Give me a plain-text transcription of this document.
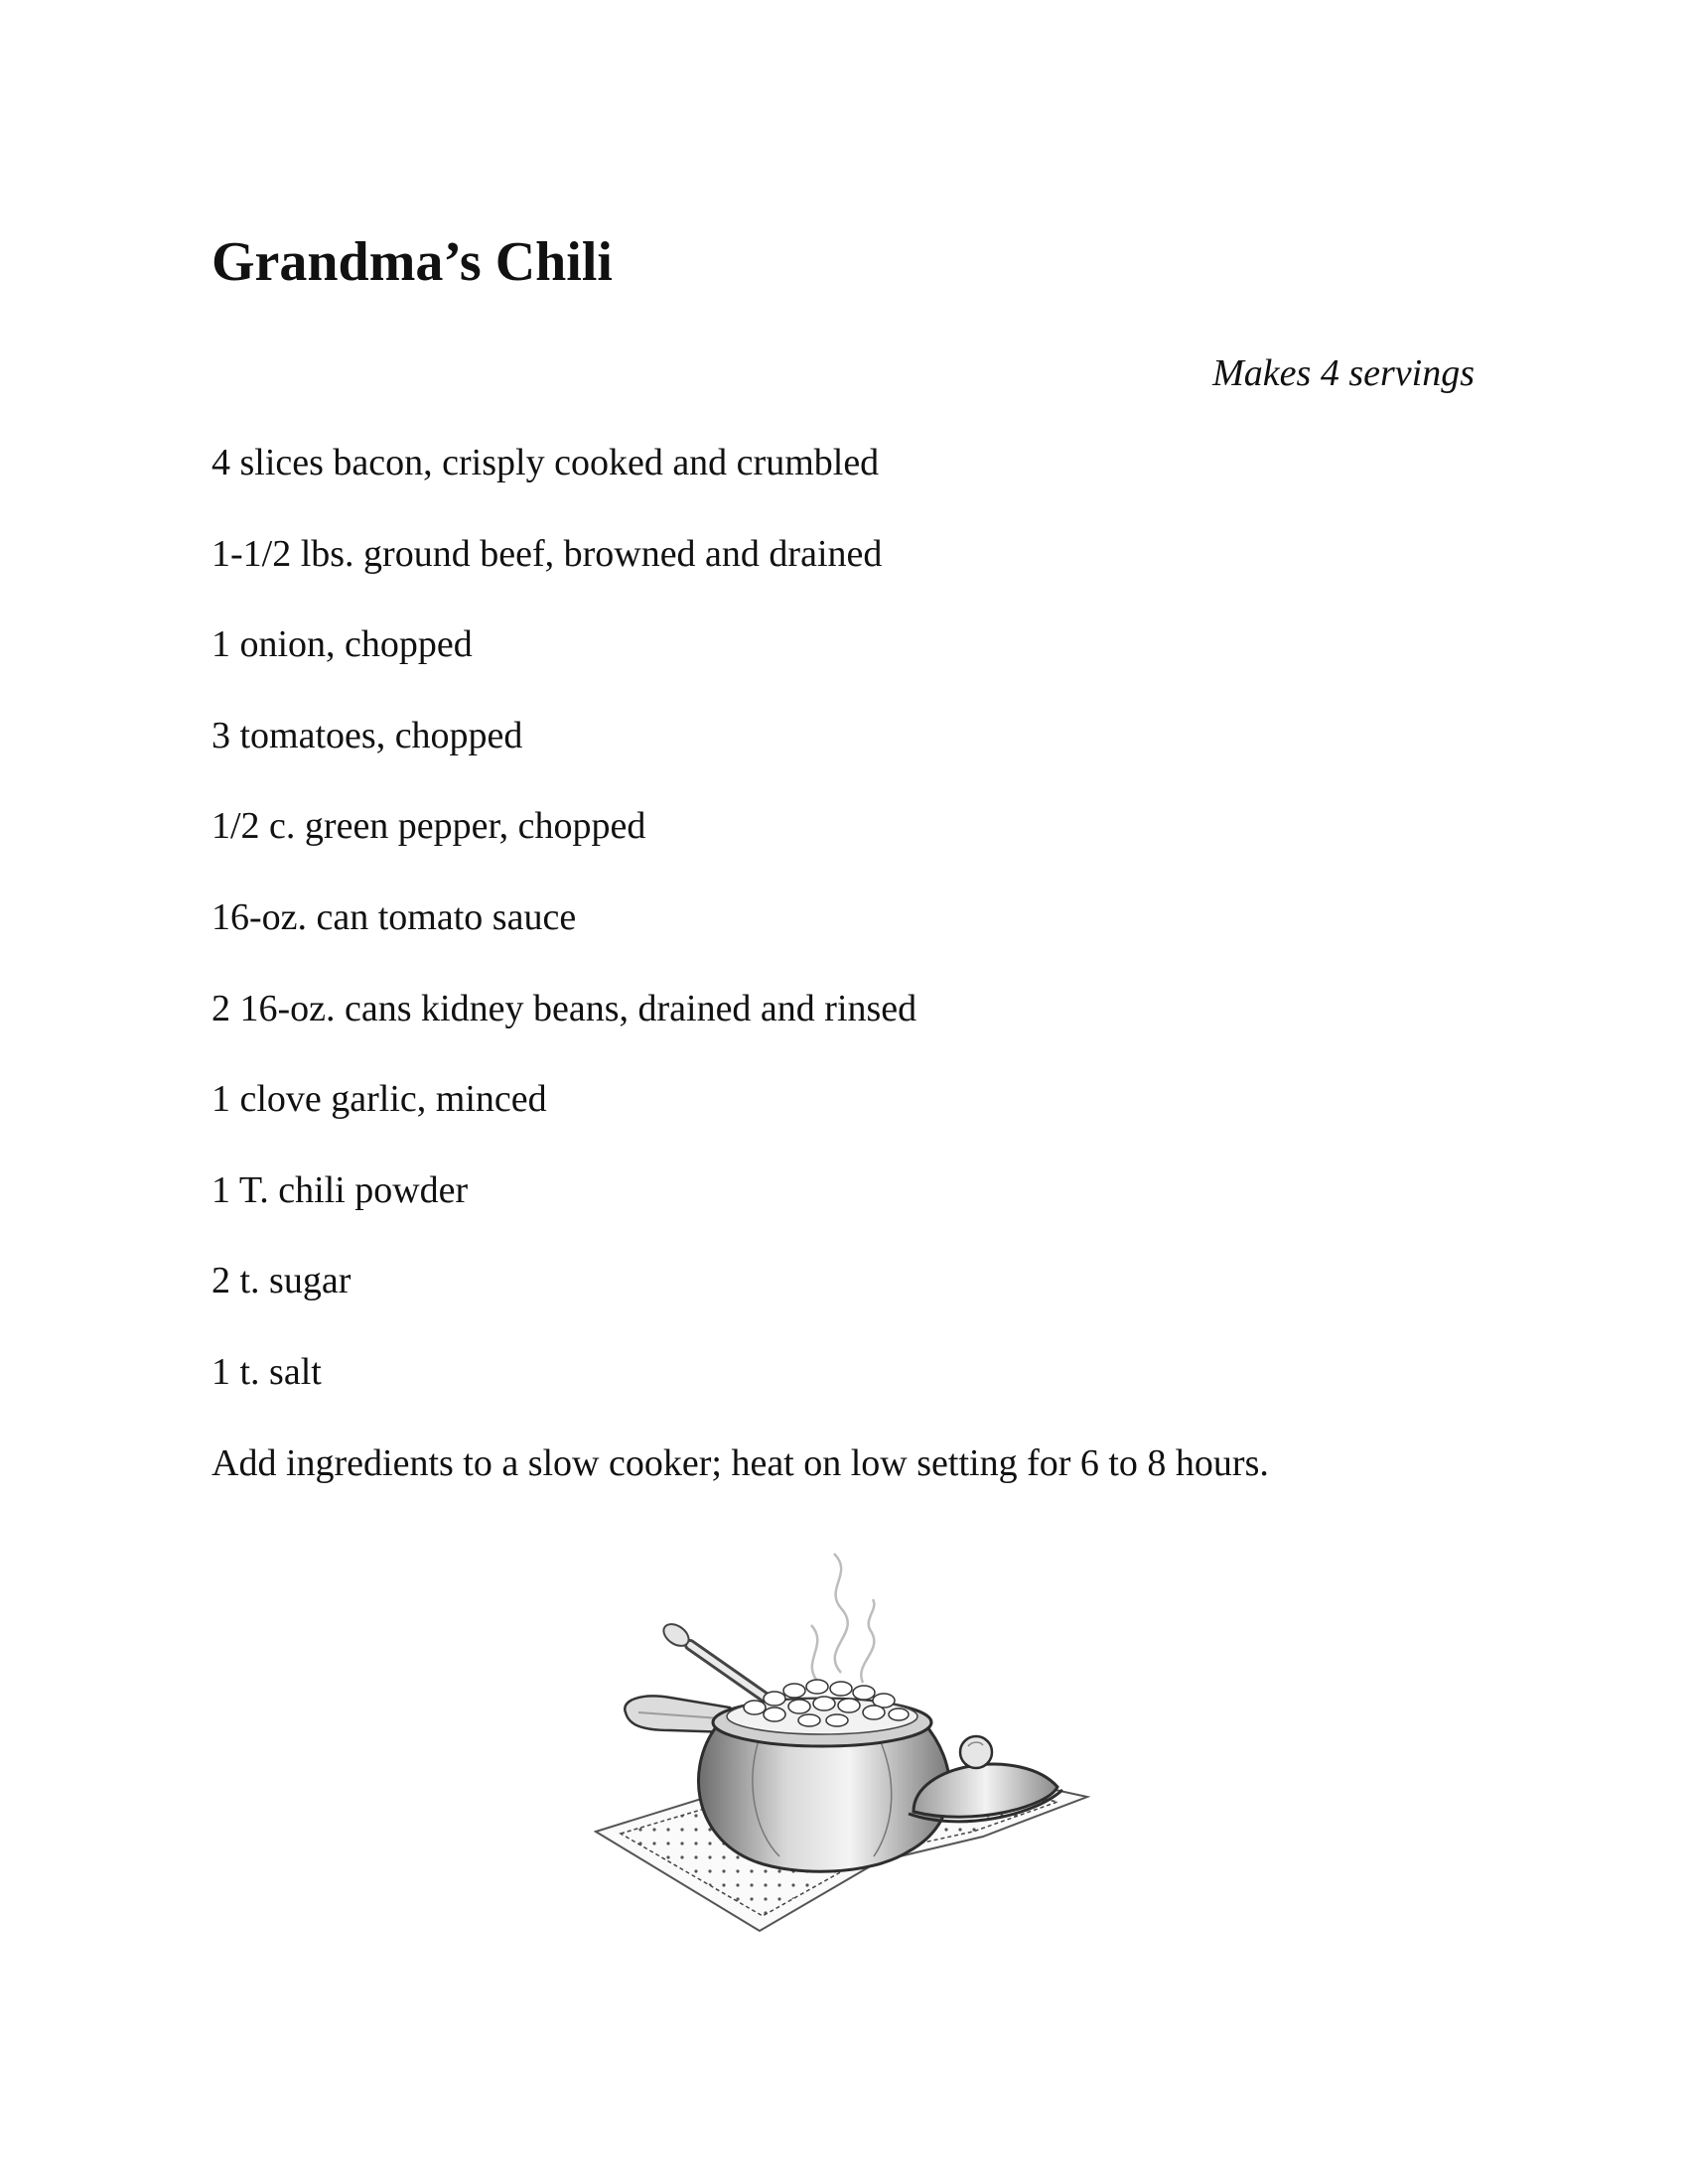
Grandma’s Chili

Makes 4 servings

4 slices bacon, crisply cooked and crumbled
1-1/2 lbs. ground beef, browned and drained
1 onion, chopped
3 tomatoes, chopped
1/2 c. green pepper, chopped
16-oz. can tomato sauce
2 16-oz. cans kidney beans, drained and rinsed
1 clove garlic, minced
1 T. chili powder
2 t. sugar
1 t. salt

Add ingredients to a slow cooker; heat on low setting for 6 to 8 hours.
